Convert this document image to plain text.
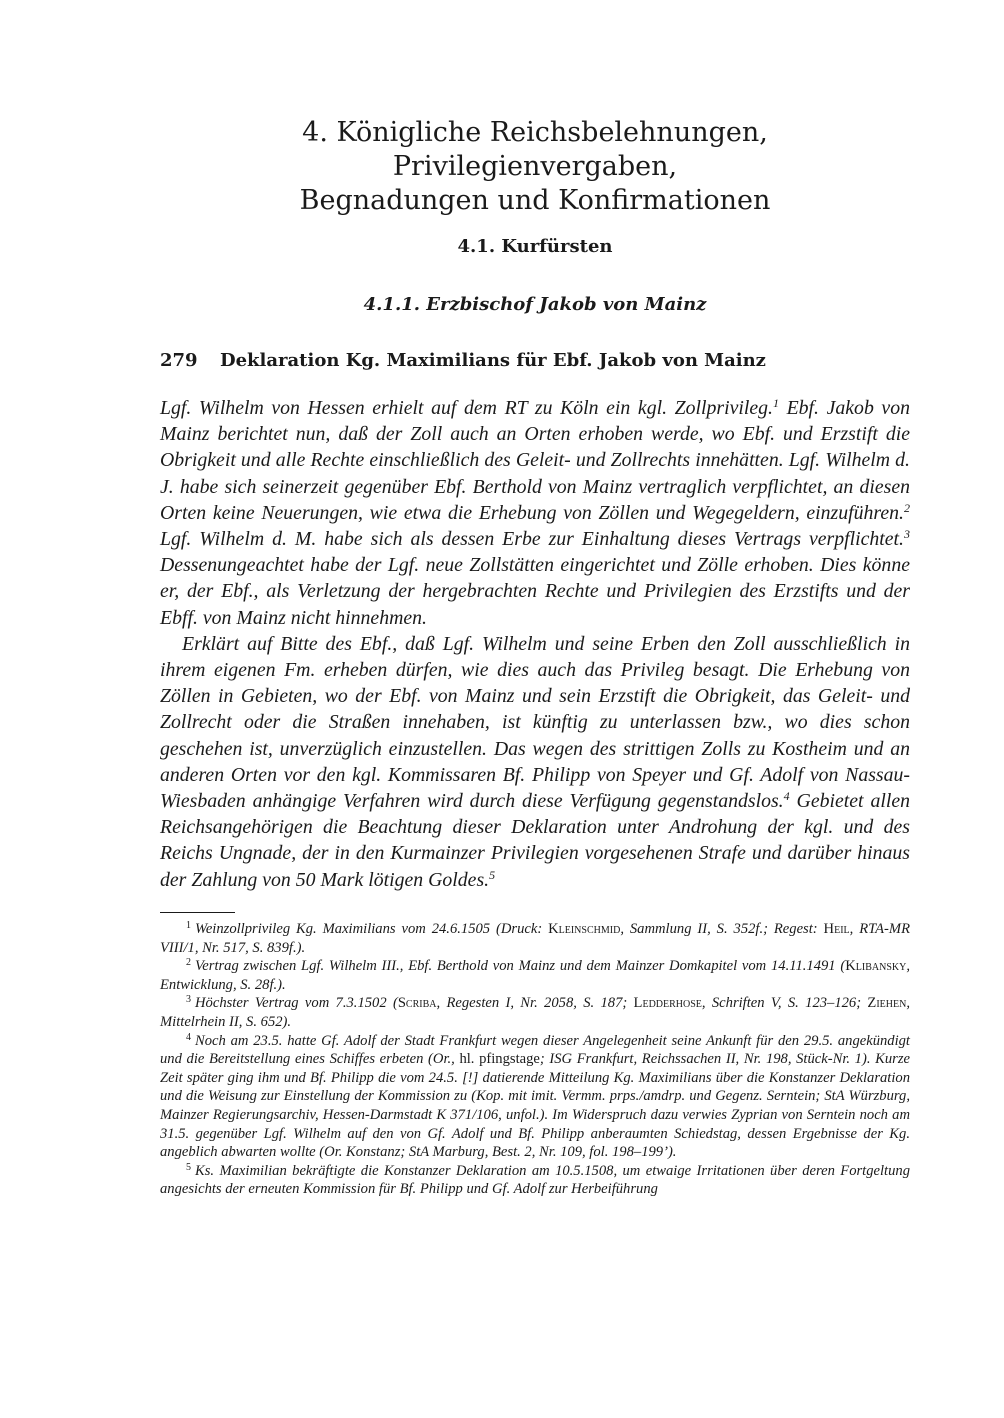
4. Königliche Reichsbelehnungen, Privilegienvergaben,
Begnadungen und Konfirmationen
4.1. Kurfürsten
4.1.1. Erzbischof Jakob von Mainz
279 Deklaration Kg. Maximilians für Ebf. Jakob von Mainz

Lgf. Wilhelm von Hessen erhielt auf dem RT zu Köln ein kgl. Zollprivileg.$^1$ Ebf. Jakob von Mainz berichtet nun, daß der Zoll auch an Orten erhoben werde, wo Ebf. und Erzstift die Obrigkeit und alle Rechte einschließlich des Geleit- und Zollrechts innehätten. Lgf. Wilhelm d. J. habe sich seinerzeit gegenüber Ebf. Berthold von Mainz vertraglich verpflichtet, an diesen Orten keine Neuerungen, wie etwa die Erhebung von Zöllen und Wegegeldern, einzuführen.$^2$ Lgf. Wilhelm d. M. habe sich als dessen Erbe zur Einhaltung dieses Vertrags verpflichtet.$^3$ Dessenungeachtet habe der Lgf. neue Zollstätten eingerichtet und Zölle erhoben. Dies könne er, der Ebf., als Verletzung der hergebrachten Rechte und Privilegien des Erzstifts und der Ebff. von Mainz nicht hinnehmen.

Erklärt auf Bitte des Ebf., daß Lgf. Wilhelm und seine Erben den Zoll ausschließlich in ihrem eigenen Fm. erheben dürfen, wie dies auch das Privileg besagt. Die Erhebung von Zöllen in Gebieten, wo der Ebf. von Mainz und sein Erzstift die Obrigkeit, das Geleit- und Zollrecht oder die Straßen innehaben, ist künftig zu unterlassen bzw., wo dies schon geschehen ist, unverzüglich einzustellen. Das wegen des strittigen Zolls zu Kostheim und an anderen Orten vor den kgl. Kommissaren Bf. Philipp von Speyer und Gf. Adolf von Nassau-Wiesbaden anhängige Verfahren wird durch diese Verfügung gegenstandslos.$^4$ Gebietet allen Reichsangehörigen die Beachtung dieser Deklaration unter Androhung der kgl. und des Reichs Ungnade, der in den Kurmainzer Privilegien vorgesehenen Strafe und darüber hinaus der Zahlung von 50 Mark lötigen Goldes.$^5$

$^1$ Weinzollprivileg Kg. Maximilians vom 24.6.1505 (Druck: Kleinschmid, Sammlung II, S. 352f.; Regest: Heil, RTA-MR VIII/1, Nr. 517, S. 839f.).

$^2$ Vertrag zwischen Lgf. Wilhelm III., Ebf. Berthold von Mainz und dem Mainzer Domkapitel vom 14.11.1491 (Klibansky, Entwicklung, S. 28f.).

$^3$ Höchster Vertrag vom 7.3.1502 (Scriba, Regesten I, Nr. 2058, S. 187; Ledderhose, Schriften V, S. 123–126; Ziehen, Mittelrhein II, S. 652).

$^4$ Noch am 23.5. hatte Gf. Adolf der Stadt Frankfurt wegen dieser Angelegenheit seine Ankunft für den 29.5. angekündigt und die Bereitstellung eines Schiffes erbeten (Or., hl. pfingstage; ISG Frankfurt, Reichssachen II, Nr. 198, Stück-Nr. 1). Kurze Zeit später ging ihm und Bf. Philipp die vom 24.5. [!] datierende Mitteilung Kg. Maximilians über die Konstanzer Deklaration und die Weisung zur Einstellung der Kommission zu (Kop. mit imit. Vermm. prps./amdrp. und Gegenz. Serntein; StA Würzburg, Mainzer Regierungsarchiv, Hessen-Darmstadt K 371/106, unfol.). Im Widerspruch dazu verwies Zyprian von Serntein noch am 31.5. gegenüber Lgf. Wilhelm auf den von Gf. Adolf und Bf. Philipp anberaumten Schiedstag, dessen Ergebnisse der Kg. angeblich abwarten wollte (Or. Konstanz; StA Marburg, Best. 2, Nr. 109, fol. 198–199’).

$^5$ Ks. Maximilian bekräftigte die Konstanzer Deklaration am 10.5.1508, um etwaige Irritationen über deren Fortgeltung angesichts der erneuten Kommission für Bf. Philipp und Gf. Adolf zur Herbeiführung
